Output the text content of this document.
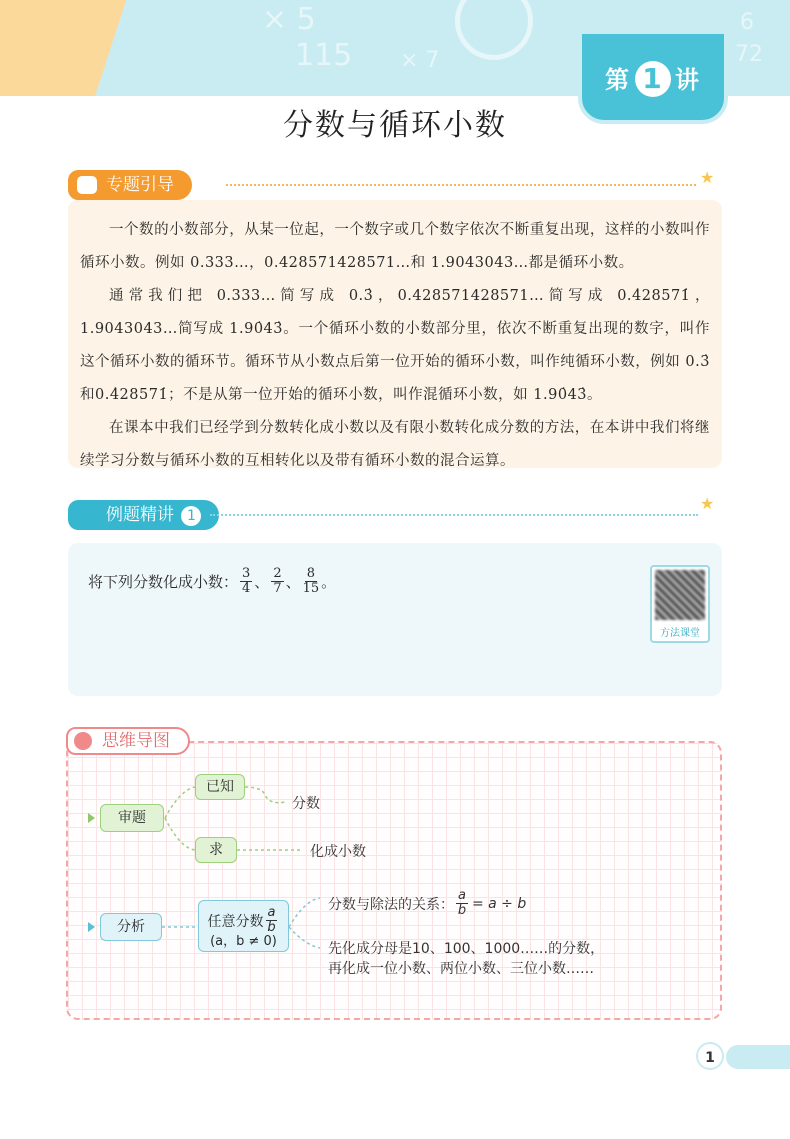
× 5
115 × 7
6
72
第 1 讲
分数与循环小数
专题引导	★

一个数的小数部分，从某一位起，一个数字或几个数字依次不断重复出现，这样的小数叫作循环小数。例如 0.333…，0.428571428571…和 1.9043043…都是循环小数。

通常我们把 0.333…简写成 0.3̇，0.428571428571…简写成 0.4̇28571̇，1.9043043…简写成 1.90̇43̇。一个循环小数的小数部分里，依次不断重复出现的数字，叫作这个循环小数的循环节。循环节从小数点后第一位开始的循环小数，叫作纯循环小数，例如 0.3̇ 和0.4̇28571̇；不是从第一位开始的循环小数，叫作混循环小数，如 1.90̇43̇。

在课本中我们已经学到分数转化成小数以及有限小数转化成分数的方法，在本讲中我们将继续学习分数与循环小数的互相转化以及带有循环小数的混合运算。

例题精讲 1
★
将下列分数化成小数： $\frac{3}{4}$ 、 $\frac{2}{7}$ 、 $\frac{8}{15}$ 。
方法课堂
思维导图
审题
已知
分数
求	化成小数
分析	任意分数 $\frac{a}{b}$
(a，b ≠ 0)
分数与除法的关系： $\frac{a}{b} = a \div b$
先化成分母是10、100、1000……的分数，
再化成一位小数、两位小数、三位小数……
1
